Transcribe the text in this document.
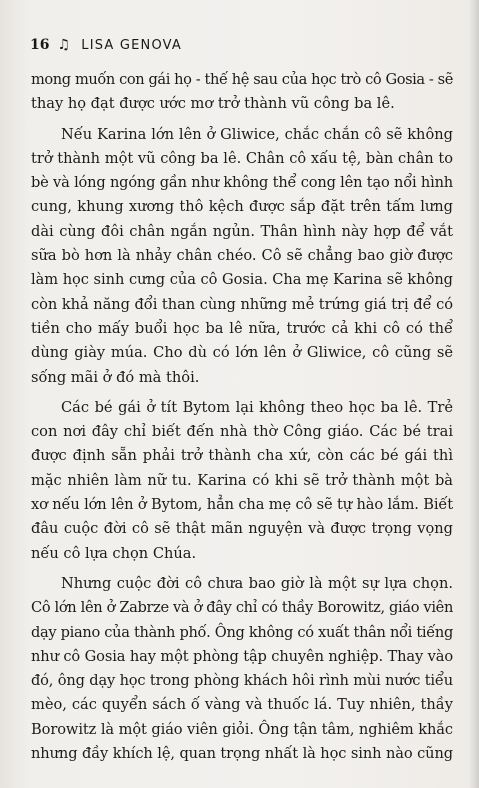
16 ♫ LISA GENOVA
mong muốn con gái họ - thế hệ sau của học trò cô Gosia - sẽ
thay họ đạt được ước mơ trở thành vũ công ba lê.
Nếu Karina lớn lên ở Gliwice, chắc chắn cô sẽ không
trở thành một vũ công ba lê. Chân cô xấu tệ, bàn chân to
bè và lóng ngóng gần như không thể cong lên tạo nổi hình
cung, khung xương thô kệch được sắp đặt trên tấm lưng
dài cùng đôi chân ngắn ngủn. Thân hình này hợp để vắt
sữa bò hơn là nhảy chân chéo. Cô sẽ chẳng bao giờ được
làm học sinh cưng của cô Gosia. Cha mẹ Karina sẽ không
còn khả năng đổi than cùng những mẻ trứng giá trị để có
tiền cho mấy buổi học ba lê nữa, trước cả khi cô có thể
dùng giày múa. Cho dù có lớn lên ở Gliwice, cô cũng sẽ
sống mãi ở đó mà thôi.
Các bé gái ở tít Bytom lại không theo học ba lê. Trẻ
con nơi đây chỉ biết đến nhà thờ Công giáo. Các bé trai
được định sẵn phải trở thành cha xứ, còn các bé gái thì
mặc nhiên làm nữ tu. Karina có khi sẽ trở thành một bà
xơ nếu lớn lên ở Bytom, hẳn cha mẹ cô sẽ tự hào lắm. Biết
đâu cuộc đời cô sẽ thật mãn nguyện và được trọng vọng
nếu cô lựa chọn Chúa.
Nhưng cuộc đời cô chưa bao giờ là một sự lựa chọn.
Cô lớn lên ở Zabrze và ở đây chỉ có thầy Borowitz, giáo viên
dạy piano của thành phố. Ông không có xuất thân nổi tiếng
như cô Gosia hay một phòng tập chuyên nghiệp. Thay vào
đó, ông dạy học trong phòng khách hôi rình mùi nước tiểu
mèo, các quyển sách ố vàng và thuốc lá. Tuy nhiên, thầy
Borowitz là một giáo viên giỏi. Ông tận tâm, nghiêm khắc
nhưng đầy khích lệ, quan trọng nhất là học sinh nào cũng
